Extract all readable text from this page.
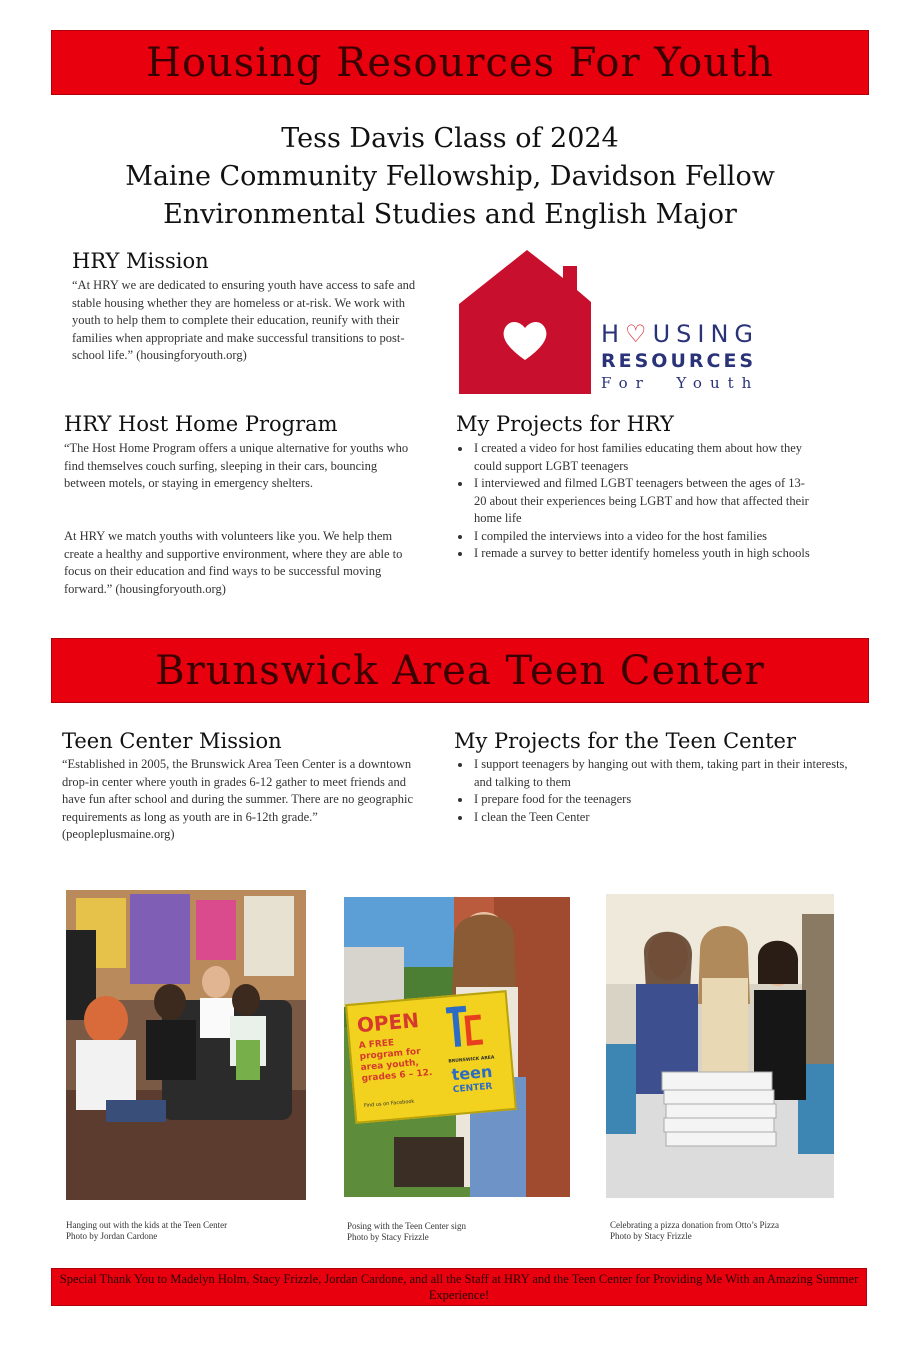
Housing Resources For Youth
Tess Davis Class of 2024
Maine Community Fellowship, Davidson Fellow
Environmental Studies and English Major
HRY Mission
“At HRY we are dedicated to ensuring youth have access to safe and stable housing whether they are homeless or at-risk. We work with youth to help them to complete their education, reunify with their families when appropriate and make successful transitions to post-school life.” (housingforyouth.org)
H♡USING
RESOURCES
For  Youth
HRY Host Home Program
“The Host Home Program offers a unique alternative for youths who find themselves couch surfing, sleeping in their cars, bouncing between motels, or staying in emergency shelters.
At HRY we match youths with volunteers like you. We help them create a healthy and supportive environment, where they are able to focus on their education and find ways to be successful moving forward.” (housingforyouth.org)
My Projects for HRY
• I created a video for host families educating them about how they could support LGBT teenagers
• I interviewed and filmed LGBT teenagers between the ages of 13-20 about their experiences being LGBT and how that affected their home life
• I compiled the interviews into a video for the host families
• I remade a survey to better identify homeless youth in high schools
Brunswick Area Teen Center
Teen Center Mission
“Established in 2005, the Brunswick Area Teen Center is a downtown drop-in center where youth in grades 6-12 gather to meet friends and have fun after school and during the summer. There are no geographic requirements as long as youth are in 6-12th grade.” (peopleplusmaine.org)
My Projects for the Teen Center
• I support teenagers by hanging out with them, taking part in their interests, and talking to them
• I prepare food for the teenagers
• I clean the Teen Center
OPEN
A FREE program for area youth, grades 6 – 12.
Find us on Facebook
BRUNSWICK AREA
teen
CENTER
Hanging out with the kids at the Teen Center
Photo by Jordan Cardone
Posing with the Teen Center sign
Photo by Stacy Frizzle
Celebrating a pizza donation from Otto’s Pizza
Photo by Stacy Frizzle
Special Thank You to Madelyn Holm, Stacy Frizzle, Jordan Cardone, and all the Staff at HRY and the Teen Center for Providing Me With an Amazing Summer Experience!
